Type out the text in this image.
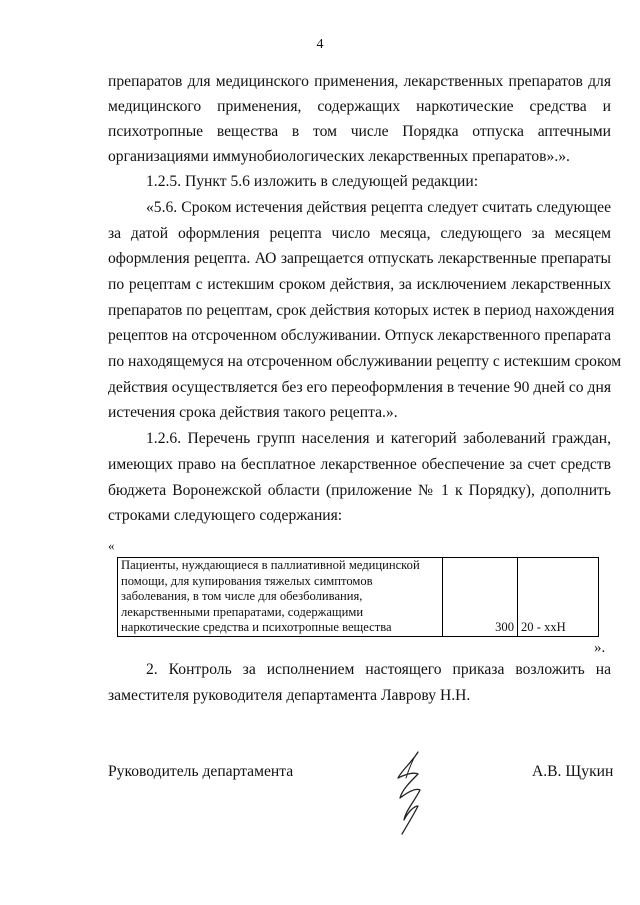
4
препаратов для медицинского применения, лекарственных препаратов для
медицинского применения, содержащих наркотические средства и
психотропные вещества в том числе Порядка отпуска аптечными
организациями иммунобиологических лекарственных препаратов».».
1.2.5. Пункт 5.6 изложить в следующей редакции:
«5.6. Сроком истечения действия рецепта следует считать следующее
за датой оформления рецепта число месяца, следующего за месяцем
оформления рецепта. АО запрещается отпускать лекарственные препараты
по рецептам с истекшим сроком действия, за исключением лекарственных
препаратов по рецептам, срок действия которых истек в период нахождения
рецептов на отсроченном обслуживании. Отпуск лекарственного препарата
по находящемуся на отсроченном обслуживании рецепту с истекшим сроком
действия осуществляется без его переоформления в течение 90 дней со дня
истечения срока действия такого рецепта.».
1.2.6. Перечень групп населения и категорий заболеваний граждан,
имеющих право на бесплатное лекарственное обеспечение за счет средств
бюджета Воронежской области (приложение № 1 к Порядку), дополнить
строками следующего содержания:
«
Пациенты, нуждающиеся в паллиативной медицинской
помощи, для купирования тяжелых симптомов
заболевания, в том числе для обезболивания,
лекарственными препаратами, содержащими
наркотические средства и психотропные вещества	300	20 - xxH
».
2. Контроль за исполнением настоящего приказа возложить на
заместителя руководителя департамента Лаврову Н.Н.
Руководитель департамента	А.В. Щукин
